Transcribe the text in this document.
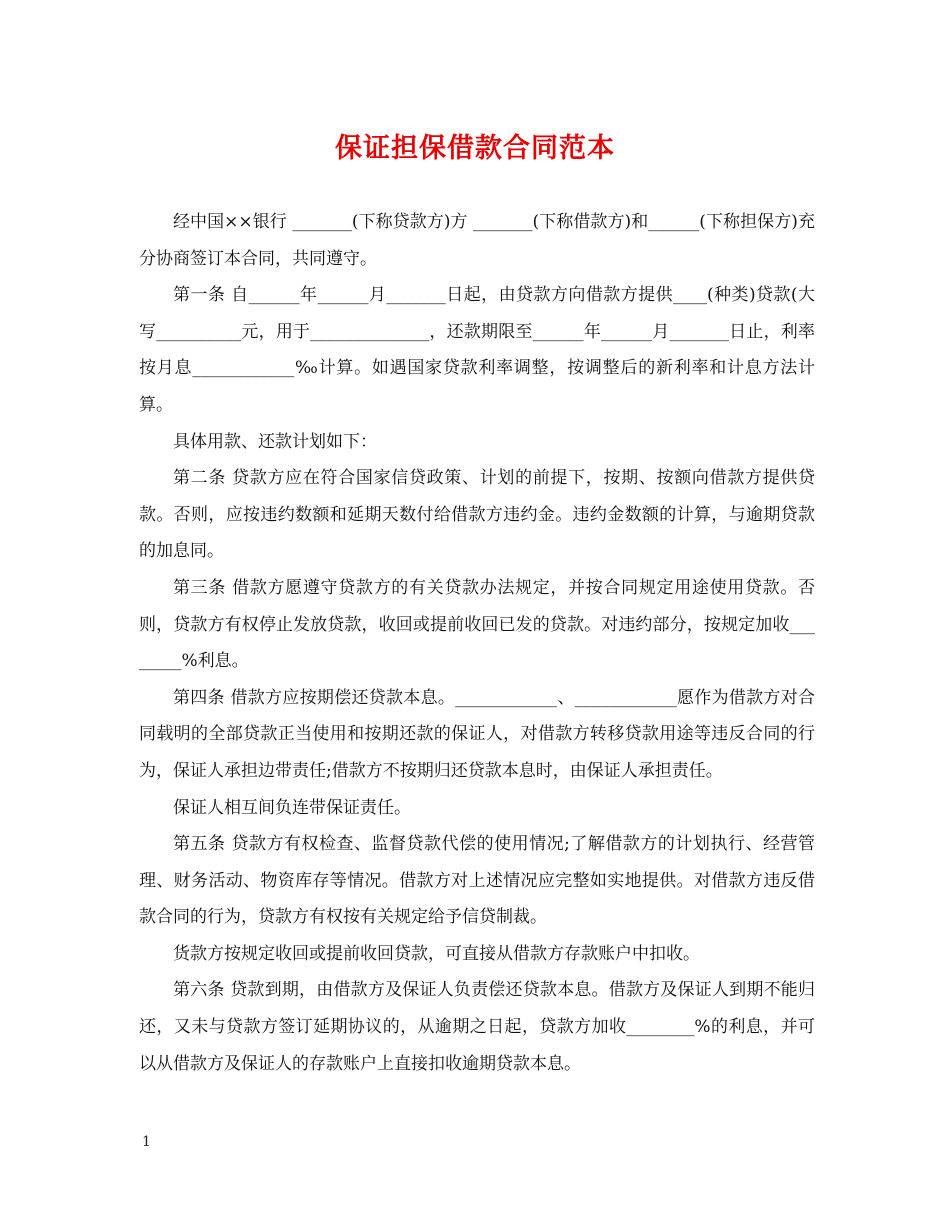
保证担保借款合同范本

经中国××银行 _______(下称贷款方)方 _______(下称借款方)和______(下称担保方)充分协商签订本合同，共同遵守。

第一条 自______年______月_______日起，由贷款方向借款方提供____(种类)贷款(大写__________元，用于______________，还款期限至______年______月_______日止，利率按月息____________‰计算。如遇国家贷款利率调整，按调整后的新利率和计息方法计算。

具体用款、还款计划如下：

第二条 贷款方应在符合国家信贷政策、计划的前提下，按期、按额向借款方提供贷款。否则，应按违约数额和延期天数付给借款方违约金。违约金数额的计算，与逾期贷款的加息同。

第三条 借款方愿遵守贷款方的有关贷款办法规定，并按合同规定用途使用贷款。否则，贷款方有权停止发放贷款，收回或提前收回已发的贷款。对违约部分，按规定加收________%利息。

第四条 借款方应按期偿还贷款本息。____________、____________愿作为借款方对合同载明的全部贷款正当使用和按期还款的保证人，对借款方转移贷款用途等违反合同的行为，保证人承担边带责任;借款方不按期归还贷款本息时，由保证人承担责任。

保证人相互间负连带保证责任。

第五条 贷款方有权检查、监督贷款代偿的使用情况;了解借款方的计划执行、经营管理、财务活动、物资库存等情况。借款方对上述情况应完整如实地提供。对借款方违反借款合同的行为，贷款方有权按有关规定给予信贷制裁。

货款方按规定收回或提前收回贷款，可直接从借款方存款账户中扣收。

第六条 贷款到期，由借款方及保证人负责偿还贷款本息。借款方及保证人到期不能归还，又未与贷款方签订延期协议的，从逾期之日起，贷款方加收________%的利息，并可以从借款方及保证人的存款账户上直接扣收逾期贷款本息。

1
